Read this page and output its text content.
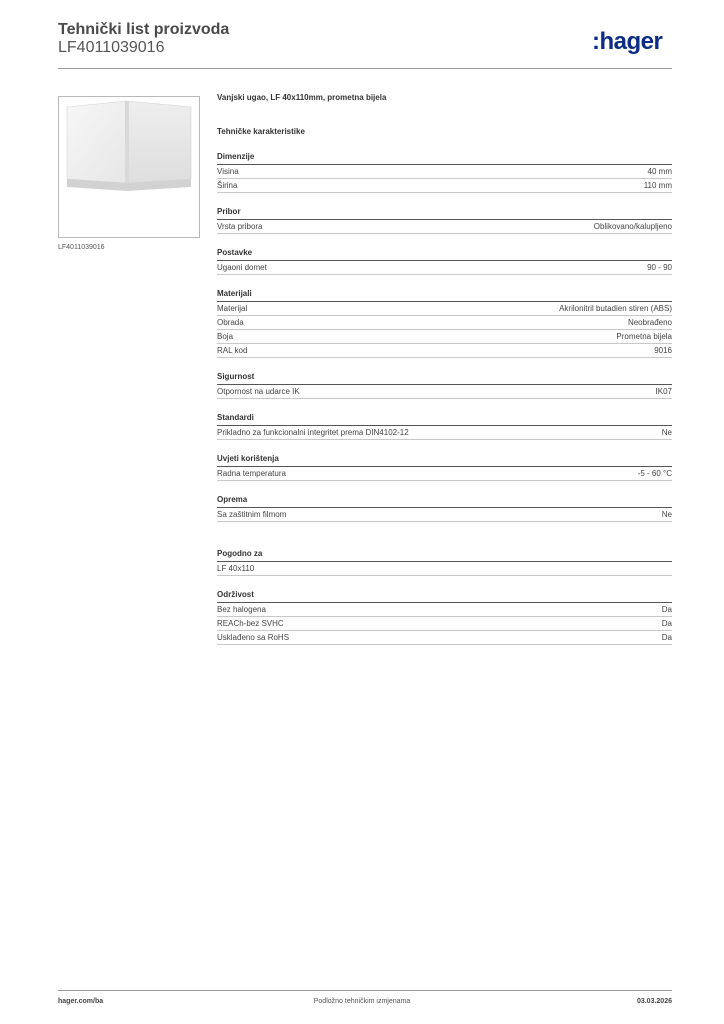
Tehnički list proizvoda
LF4011039016	:hager
LF4011039016
Vanjski ugao, LF 40x110mm, prometna bijela
Tehničke karakteristike
Dimenzije
Visina	40 mm
Širina	110 mm
Pribor
Vrsta pribora	Oblikovano/kalupljeno
Postavke
Ugaoni domet	90 - 90
Materijali
Materijal	Akrilonitril butadien stiren (ABS)
Obrada	Neobrađeno
Boja	Prometna bijela
RAL kod	9016
Sigurnost
Otpornost na udarce IK	IK07
Standardi
Prikladno za funkcionalni integritet prema DIN4102-12	Ne
Uvjeti korištenja
Radna temperatura	-5 - 60 °C
Oprema
Sa zaštitnim filmom	Ne
Pogodno za
LF 40x110
Održivost
Bez halogena	Da
REACh-bez SVHC	Da
Usklađeno sa RoHS	Da
hager.com/ba	Podložno tehničkim izmjenama	03.03.2026
